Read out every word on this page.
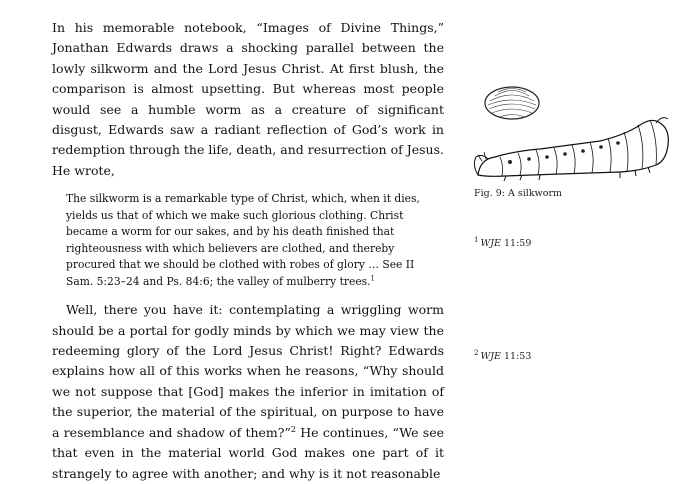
In his memorable notebook, “Images of Divine Things,” Jonathan Edwards draws a shocking parallel between the lowly silkworm and the Lord Jesus Christ. At first blush, the comparison is almost upsetting. But whereas most people would see a humble worm as a creature of significant disgust, Edwards saw a radiant reflection of God’s work in redemption through the life, death, and resurrection of Jesus. He wrote,

The silkworm is a remarkable type of Christ, which, when it dies, yields us that of which we make such glorious clothing. Christ became a worm for our sakes, and by his death finished that righteousness with which believers are clothed, and thereby procured that we should be clothed with robes of glory … See II Sam. 5:23–24 and Ps. 84:6; the valley of mulberry trees.$^1$

Well, there you have it: contemplating a wriggling worm should be a portal for godly minds by which we may view the redeeming glory of the Lord Jesus Christ! Right? Edwards explains how all of this works when he reasons, “Why should we not suppose that [God] makes the inferior in imitation of the superior, the material of the spiritual, on purpose to have a resemblance and shadow of them?”$^2$ He continues, “We see that even in the material world God makes one part of it strangely to agree with another; and why is it not reasonable

Fig. 9: A silkworm
$^1$ WJE 11:59
$^2$ WJE 11:53
